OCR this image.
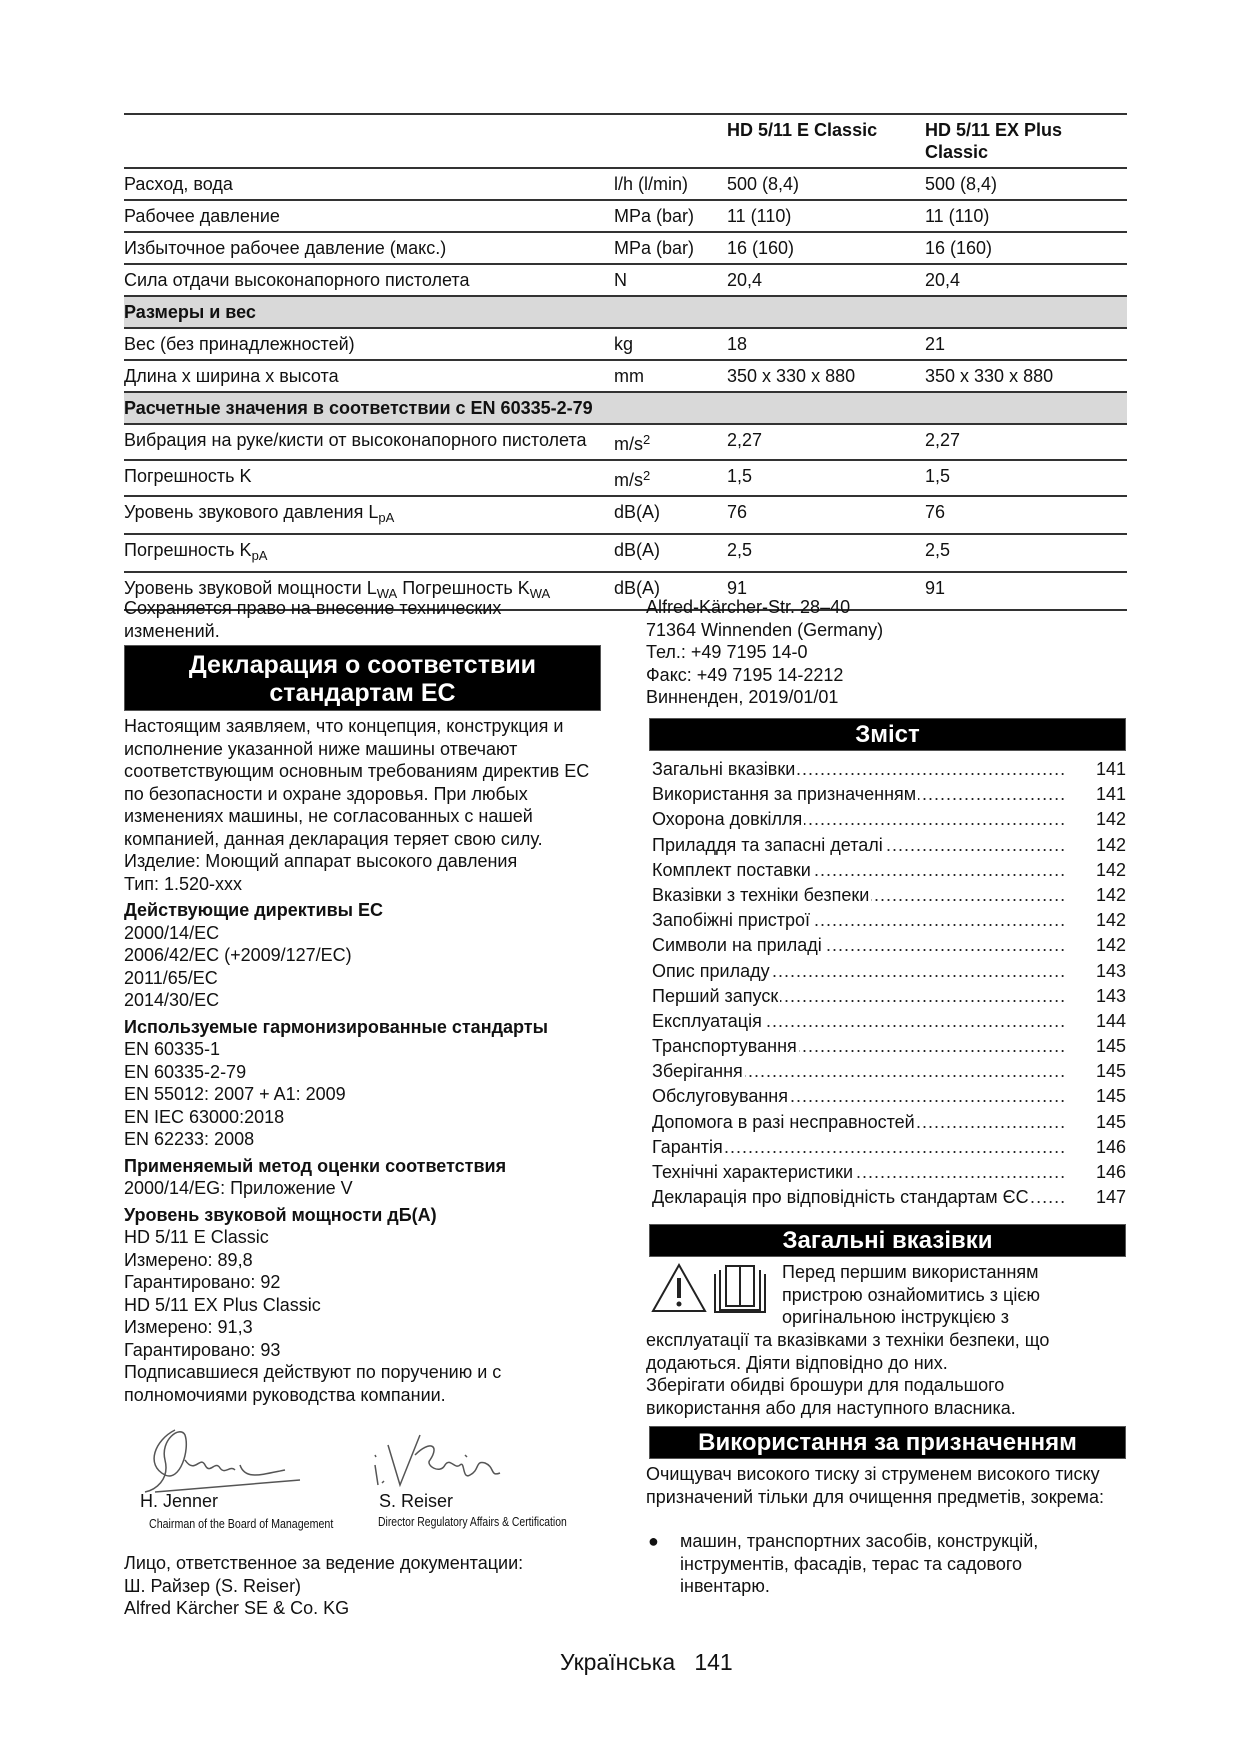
		HD 5/11 E Classic	HD 5/11 EX Plus Classic
Расход, вода	l/h (l/min)	500 (8,4)	500 (8,4)
Рабочее давление	MPa (bar)	11 (110)	11 (110)
Избыточное рабочее давление (макс.)	MPa (bar)	16 (160)	16 (160)
Сила отдачи высоконапорного пистолета	N	20,4	20,4
Размеры и вес			
Вес (без принадлежностей)	kg	18	21
Длина x ширина x высота	mm	350 x 330 x 880	350 x 330 x 880
Расчетные значения в соответствии с EN 60335-2-79			
Вибрация на руке/кисти от высоконапорного пистолета	$m/s^2$	2,27	2,27
Погрешность K	$m/s^2$	1,5	1,5
Уровень звукового давления $L_{pA}$	dB(A)	76	76
Погрешность $K_{pA}$	dB(A)	2,5	2,5
Уровень звуковой мощности $L_{WA}$ Погрешность $K_{WA}$	dB(A)	91	91
Сохраняется право на внесение технических изменений.
Декларация о соответствии стандартам ЕС
Настоящим заявляем, что концепция, конструкция и исполнение указанной ниже машины отвечают соответствующим основным требованиям директив ЕС по безопасности и охране здоровья. При любых изменениях машины, не согласованных с нашей компанией, данная декларация теряет свою силу.
Изделие: Моющий аппарат высокого давления
Тип: 1.520-xxx
Действующие директивы ЕС
2000/14/EC
2006/42/EC (+2009/127/EC)
2011/65/EC
2014/30/EC
Используемые гармонизированные стандарты
EN 60335-1
EN 60335-2-79
EN 55012: 2007 + A1: 2009
EN IEC 63000:2018
EN 62233: 2008
Применяемый метод оценки соответствия
2000/14/EG: Приложение V
Уровень звуковой мощности дБ(А)
HD 5/11 E Classic
Измерено: 89,8
Гарантировано: 92
HD 5/11 EX Plus Classic
Измерено: 91,3
Гарантировано: 93
Подписавшиеся действуют по поручению и с полномочиями руководства компании.
H. Jenner
Chairman of the Board of Management
S. Reiser
Director Regulatory Affairs & Certification
Лицо, ответственное за ведение документации:
Ш. Райзер (S. Reiser)
Alfred Kärcher SE & Co. KG
Alfred-Kärcher-Str. 28–40
71364 Winnenden (Germany)
Тел.: +49 7195 14-0
Факс: +49 7195 14-2212
Винненден, 2019/01/01
Зміст
Загальні вказівки .....	141
Використання за призначенням .....	141
Охорона довкілля .....	142
Приладдя та запасні деталі .....	142
Комплект поставки .....	142
Вказівки з техніки безпеки .....	142
Запобіжні пристрої .....	142
Символи на приладі .....	142
Опис приладу .....	143
Перший запуск .....	143
Експлуатація .....	144
Транспортування .....	145
Зберігання .....	145
Обслуговування .....	145
Допомога в разі несправностей .....	145
Гарантія .....	146
Технічні характеристики .....	146
Декларація про відповідність стандартам ЄС .....	147
Загальні вказівки
Перед першим використанням пристрою ознайомитись з цією оригінальною інструкцією з
експлуатації та вказівками з техніки безпеки, що додаються. Діяти відповідно до них.
Зберігати обидві брошури для подальшого використання або для наступного власника.
Використання за призначенням
Очищувач високого тиску зі струменем високого тиску призначений тільки для очищення предметів, зокрема:
● машин, транспортних засобів, конструкцій, інструментів, фасадів, терас та садового інвентарю.
Українська 141
